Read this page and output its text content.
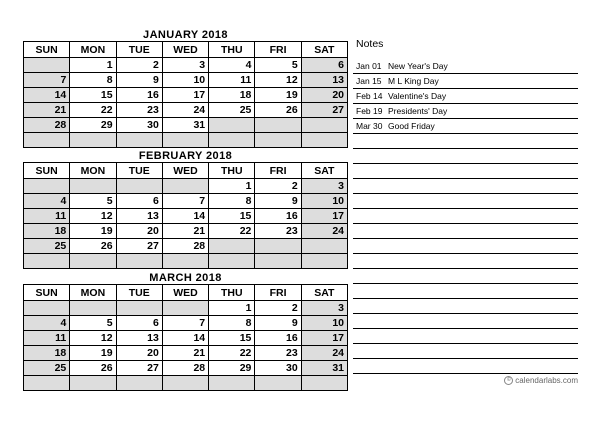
JANUARY 2018
SUN	MON	TUE	WED	THU	FRI	SAT
	1	2	3	4	5	6
7	8	9	10	11	12	13
14	15	16	17	18	19	20
21	22	23	24	25	26	27
28	29	30	31			

FEBRUARY 2018
SUN	MON	TUE	WED	THU	FRI	SAT
				1	2	3
4	5	6	7	8	9	10
11	12	13	14	15	16	17
18	19	20	21	22	23	24
25	26	27	28			

MARCH 2018
SUN	MON	TUE	WED	THU	FRI	SAT
				1	2	3
4	5	6	7	8	9	10
11	12	13	14	15	16	17
18	19	20	21	22	23	24
25	26	27	28	29	30	31

Notes
Jan 01 New Year's Day
Jan 15 M L King Day
Feb 14 Valentine's Day
Feb 19 Presidents' Day
Mar 30 Good Friday
© calendarlabs.com
